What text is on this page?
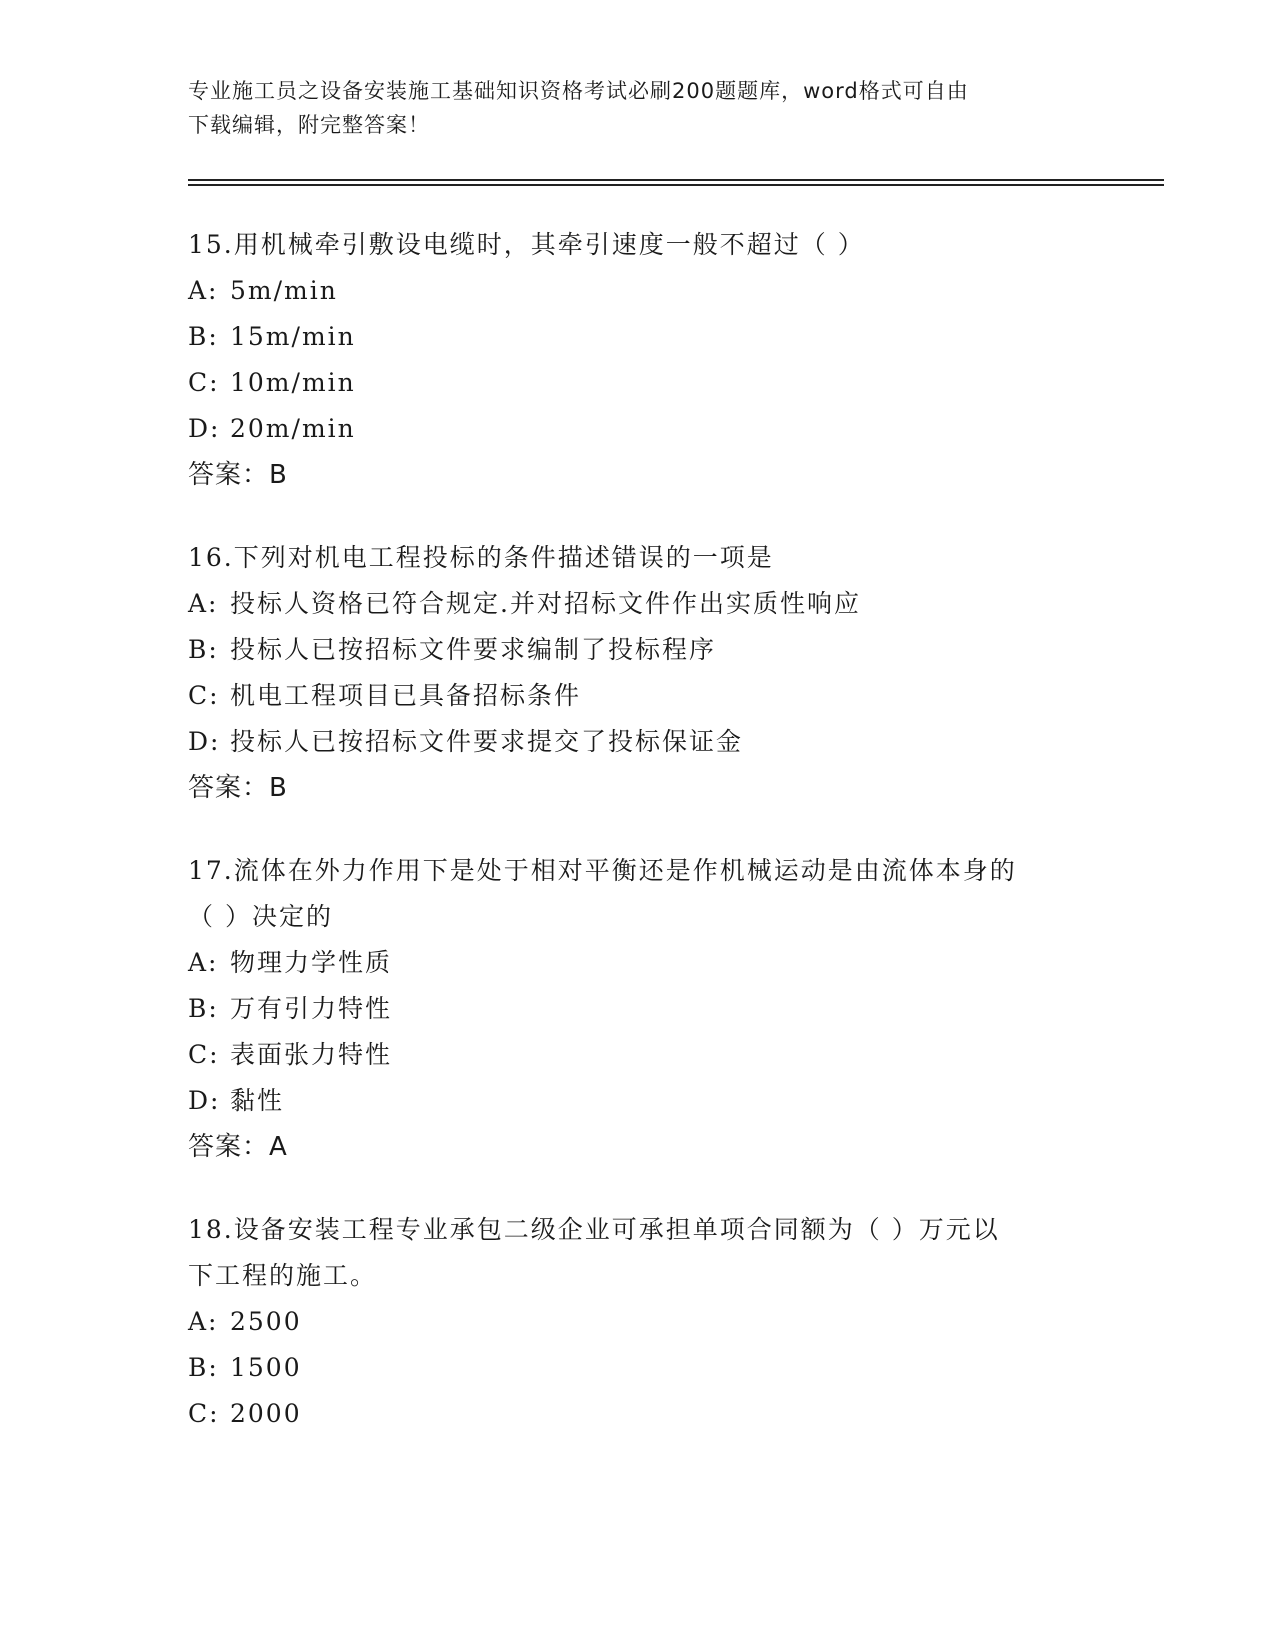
专业施工员之设备安装施工基础知识资格考试必刷200题题库，word格式可自由
下载编辑，附完整答案！
15.用机械牵引敷设电缆时，其牵引速度一般不超过（ ）
A: 5m/min
B: 15m/min
C: 10m/min
D: 20m/min
答案：B
16.下列对机电工程投标的条件描述错误的一项是
A: 投标人资格已符合规定.并对招标文件作出实质性响应
B: 投标人已按招标文件要求编制了投标程序
C: 机电工程项目已具备招标条件
D: 投标人已按招标文件要求提交了投标保证金
答案：B
17.流体在外力作用下是处于相对平衡还是作机械运动是由流体本身的
（ ）决定的
A: 物理力学性质
B: 万有引力特性
C: 表面张力特性
D: 黏性
答案：A
18.设备安装工程专业承包二级企业可承担单项合同额为（ ）万元以
下工程的施工。
A: 2500
B: 1500
C: 2000
